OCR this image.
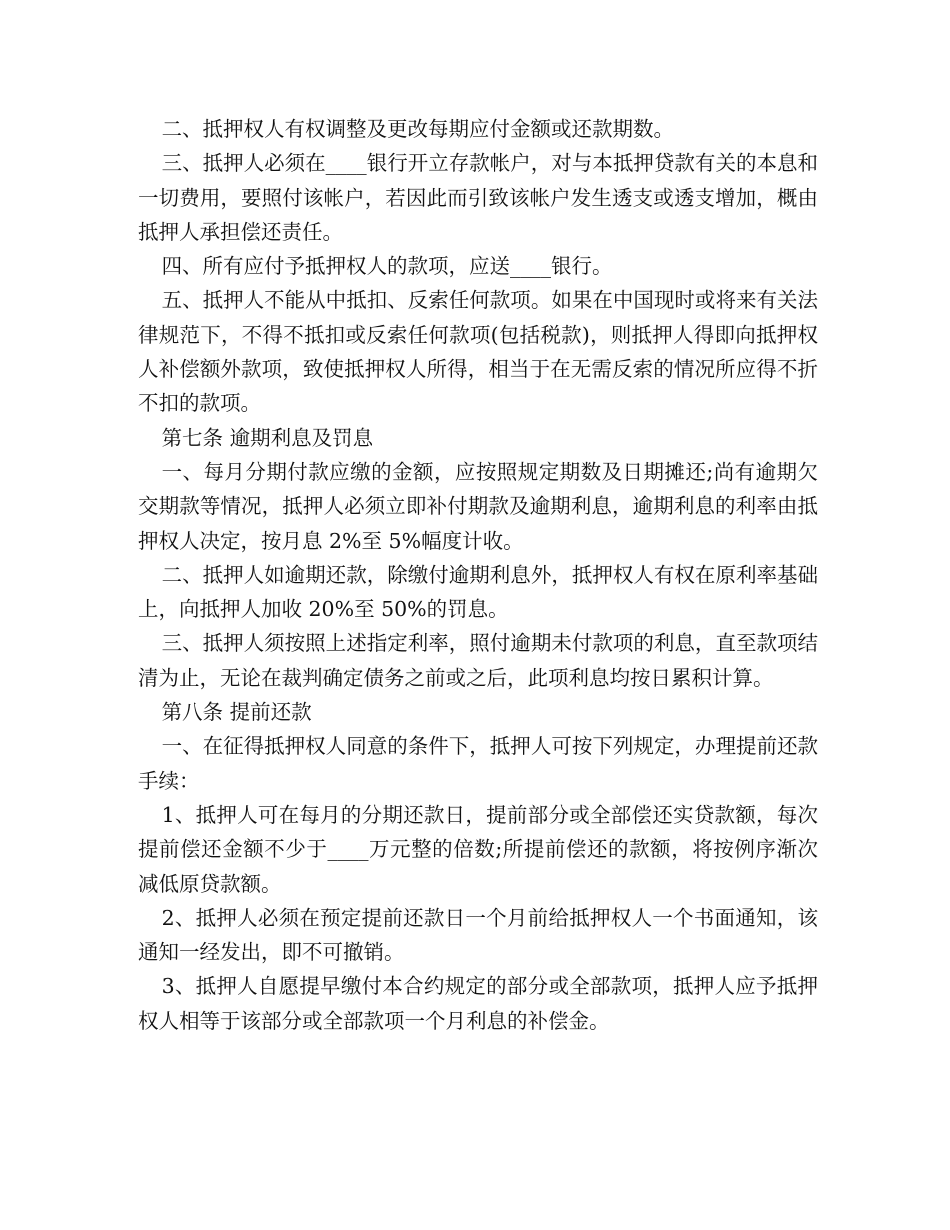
二、抵押权人有权调整及更改每期应付金额或还款期数。

三、抵押人必须在____银行开立存款帐户，对与本抵押贷款有关的本息和一切费用，要照付该帐户，若因此而引致该帐户发生透支或透支增加，概由抵押人承担偿还责任。

四、所有应付予抵押权人的款项，应送____银行。

五、抵押人不能从中抵扣、反索任何款项。如果在中国现时或将来有关法律规范下，不得不抵扣或反索任何款项(包括税款)，则抵押人得即向抵押权人补偿额外款项，致使抵押权人所得，相当于在无需反索的情况所应得不折不扣的款项。

第七条 逾期利息及罚息

一、每月分期付款应缴的金额，应按照规定期数及日期摊还;尚有逾期欠交期款等情况，抵押人必须立即补付期款及逾期利息，逾期利息的利率由抵押权人决定，按月息 2%至 5%幅度计收。

二、抵押人如逾期还款，除缴付逾期利息外，抵押权人有权在原利率基础上，向抵押人加收 20%至 50%的罚息。

三、抵押人须按照上述指定利率，照付逾期未付款项的利息，直至款项结清为止，无论在裁判确定债务之前或之后，此项利息均按日累积计算。

第八条 提前还款

一、在征得抵押权人同意的条件下，抵押人可按下列规定，办理提前还款手续：

1、抵押人可在每月的分期还款日，提前部分或全部偿还实贷款额，每次提前偿还金额不少于____万元整的倍数;所提前偿还的款额，将按例序渐次减低原贷款额。

2、抵押人必须在预定提前还款日一个月前给抵押权人一个书面通知，该通知一经发出，即不可撤销。

3、抵押人自愿提早缴付本合约规定的部分或全部款项，抵押人应予抵押权人相等于该部分或全部款项一个月利息的补偿金。
